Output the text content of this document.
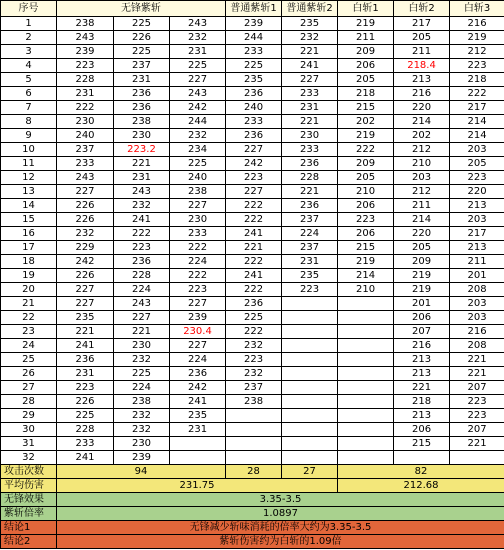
序号	无锋紫斩			普通紫斩1	普通紫斩2	白斩1	白斩2	白斩3
1	238	225	243	239	235	219	217	216
2	243	226	232	244	232	211	205	219
3	239	225	231	233	221	209	211	212
4	223	237	225	225	241	206	218.4	223
5	228	231	227	235	227	205	213	218
6	231	236	243	236	233	218	216	222
7	222	236	242	240	231	215	220	217
8	230	238	244	233	221	202	214	214
9	240	230	232	236	230	219	202	214
10	237	223.2	234	227	233	222	212	203
11	233	221	225	242	236	209	210	205
12	243	231	240	223	228	205	203	223
13	227	243	238	227	221	210	212	220
14	226	232	227	222	236	206	211	213
15	226	241	230	222	237	223	214	203
16	232	222	233	241	224	206	220	217
17	229	223	222	221	237	215	205	213
18	242	236	224	222	231	219	209	211
19	226	228	222	241	235	214	219	201
20	227	224	223	222	223	210	219	208
21	227	243	227	236			201	203
22	235	227	239	225			206	203
23	221	221	230.4	222			207	216
24	241	230	227	232			216	208
25	236	232	224	223			213	221
26	231	225	236	232			213	221
27	223	224	242	237			221	207
28	226	238	241	238			218	223
29	225	232	235				213	223
30	228	232	231				206	207
31	233	230					215	221
32	241	239						
攻击次数	94			28	27	82		
平均伤害	231.75					212.68		
无锋效果	3.35-3.5							
紫斩倍率	1.0897							
结论1	无锋减少斩味消耗的倍率大约为3.35-3.5							
结论2	紫斩伤害约为白斩的1.09倍							
